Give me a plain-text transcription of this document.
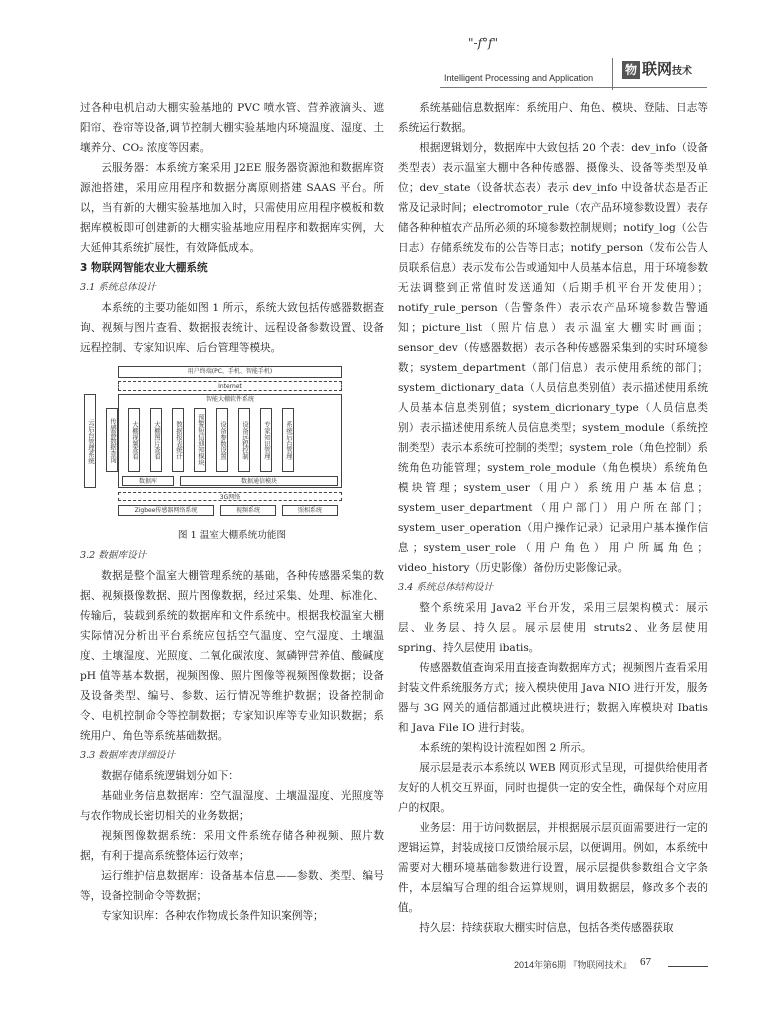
"-f°f"
Intelligent Processing and Application
物 联网技术

过各种电机启动大棚实验基地的 PVC 喷水管、营养液滴头、遮阳帘、卷帘等设备,调节控制大棚实验基地内环境温度、湿度、土壤养分、CO₂ 浓度等因素。

云服务器：本系统方案采用 J2EE 服务器资源池和数据库资源池搭建，采用应用程序和数据分离原则搭建 SAAS 平台。所以，当有新的大棚实验基地加入时，只需使用应用程序模板和数据库模板即可创建新的大棚实验基地应用程序和数据库实例，大大延伸其系统扩展性，有效降低成本。

3 物联网智能农业大棚系统

3.1 系统总体设计

本系统的主要功能如图 1 所示，系统大致包括传感器数据查询、视频与图片查看、数据报表统计、远程设备参数设置、设备远程控制、专家知识库、后台管理等模块。

用户终端(PC、手机、智能手机)
Internet
智能大棚软件系统
云后台管理系统	传感器数据查询	大棚视频查看	大棚图片查看	数据报表统计	预警短信通知模块	设备参数设置	设备远程控制	专家知识管理	系统后台管理
数据库	数据通信模块
3G网络
Zigbee传感器网络系统	视频系统	照相系统

图 1 温室大棚系统功能图

3.2 数据库设计

数据是整个温室大棚管理系统的基础，各种传感器采集的数据、视频摄像数据、照片图像数据，经过采集、处理、标准化、传输后，装载到系统的数据库和文件系统中。根据我校温室大棚实际情况分析出平台系统应包括空气温度、空气湿度、土壤温度、土壤湿度、光照度、二氧化碳浓度、氮磷钾营养值、酸碱度 pH 值等基本数据，视频图像、照片图像等视频图像数据；设备及设备类型、编号、参数、运行情况等维护数据；设备控制命令、电机控制命令等控制数据；专家知识库等专业知识数据；系统用户、角色等系统基础数据。

3.3 数据库表详细设计

数据存储系统逻辑划分如下：

基础业务信息数据库：空气温湿度、土壤温湿度、光照度等与农作物成长密切相关的业务数据；

视频图像数据系统：采用文件系统存储各种视频、照片数据，有利于提高系统整体运行效率；

运行维护信息数据库：设备基本信息——参数、类型、编号等，设备控制命令等数据；

专家知识库：各种农作物成长条件知识案例等；

系统基础信息数据库：系统用户、角色、模块、登陆、日志等系统运行数据。

根据逻辑划分，数据库中大致包括 20 个表：dev_info（设备类型表）表示温室大棚中各种传感器、摄像头、设备等类型及单位；dev_state（设备状态表）表示 dev_info 中设备状态是否正常及记录时间；electromotor_rule（农产品环境参数设置）表存储各种种植农产品所必须的环境参数控制规则；notify_log（公告日志）存储系统发布的公告等日志；notify_person（发布公告人员联系信息）表示发布公告或通知中人员基本信息，用于环境参数无法调整到正常值时发送通知（后期手机平台开发使用）；notify_rule_person（告警条件）表示农产品环境参数告警通知；picture_list（照片信息）表示温室大棚实时画面；sensor_dev（传感器数据）表示各种传感器采集到的实时环境参数；system_department（部门信息）表示使用系统的部门；system_dictionary_data（人员信息类别值）表示描述使用系统人员基本信息类别值；system_dicrionary_type（人员信息类别）表示描述使用系统人员信息类型；system_module（系统控制类型）表示本系统可控制的类型；system_role（角色控制）系统角色功能管理；system_role_module（角色模块）系统角色模块管理；system_user（用户）系统用户基本信息；system_user_department（用户部门）用户所在部门；system_user_operation（用户操作记录）记录用户基本操作信息；system_user_role（用户角色）用户所属角色；video_history（历史影像）备份历史影像记录。

3.4 系统总体结构设计

整个系统采用 Java2 平台开发，采用三层架构模式：展示层、业务层、持久层。展示层使用 struts2、业务层使用 spring、持久层使用 ibatis。

传感器数值查询采用直接查询数据库方式；视频图片查看采用封装文件系统服务方式；接入模块使用 Java NIO 进行开发，服务器与 3G 网关的通信都通过此模块进行；数据入库模块对 Ibatis 和 Java File IO 进行封装。

本系统的架构设计流程如图 2 所示。

展示层是表示本系统以 WEB 网页形式呈现，可提供给使用者友好的人机交互界面，同时也提供一定的安全性，确保每个对应用户的权限。

业务层：用于访问数据层，并根据展示层页面需要进行一定的逻辑运算，封装成接口反馈给展示层，以便调用。例如，本系统中需要对大棚环境基础参数进行设置，展示层提供参数组合文字条件，本层编写合理的组合运算规则，调用数据层，修改多个表的值。

持久层：持续获取大棚实时信息，包括各类传感器获取

2014年第6期 『物联网技术』 67
